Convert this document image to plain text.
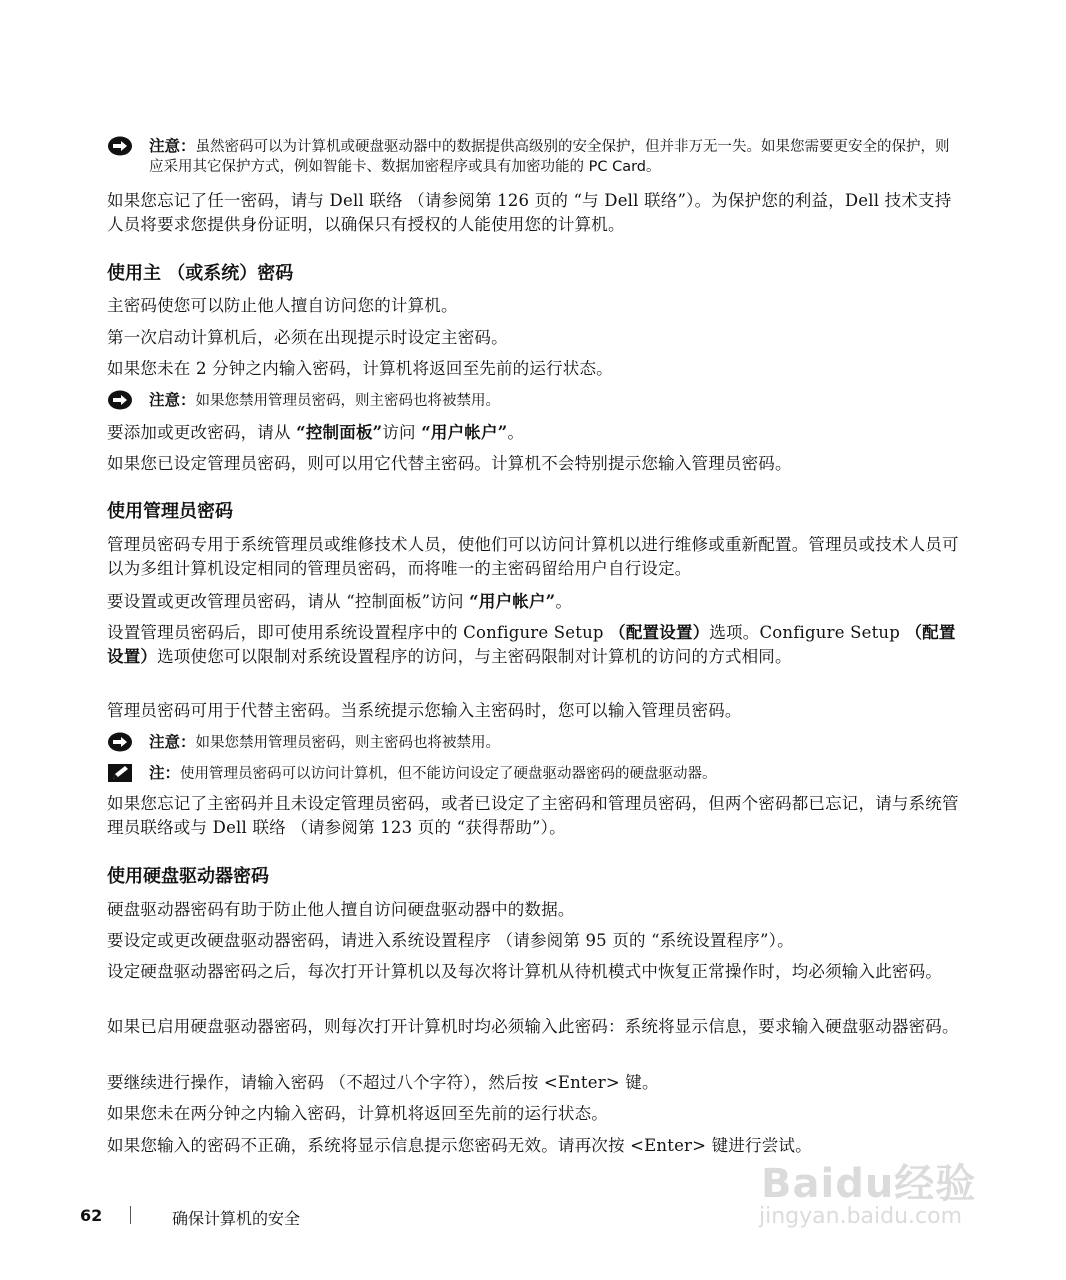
注意：虽然密码可以为计算机或硬盘驱动器中的数据提供高级别的安全保护，但并非万无一失。如果您需要更安全的保护，则应采用其它保护方式，例如智能卡、数据加密程序或具有加密功能的 PC Card。

如果您忘记了任一密码，请与 Dell 联络 （请参阅第 126 页的 “与 Dell 联络”）。为保护您的利益，Dell 技术支持人员将要求您提供身份证明，以确保只有授权的人能使用您的计算机。

使用主 （或系统）密码

主密码使您可以防止他人擅自访问您的计算机。

第一次启动计算机后，必须在出现提示时设定主密码。

如果您未在 2 分钟之内输入密码，计算机将返回至先前的运行状态。

注意：如果您禁用管理员密码，则主密码也将被禁用。

要添加或更改密码，请从 “控制面板”访问 “用户帐户”。

如果您已设定管理员密码，则可以用它代替主密码。计算机不会特别提示您输入管理员密码。

使用管理员密码

管理员密码专用于系统管理员或维修技术人员，使他们可以访问计算机以进行维修或重新配置。管理员或技术人员可以为多组计算机设定相同的管理员密码，而将唯一的主密码留给用户自行设定。

要设置或更改管理员密码，请从 “控制面板”访问 “用户帐户”。

设置管理员密码后，即可使用系统设置程序中的 Configure Setup （配置设置）选项。Configure Setup （配置设置）选项使您可以限制对系统设置程序的访问，与主密码限制对计算机的访问的方式相同。

管理员密码可用于代替主密码。当系统提示您输入主密码时，您可以输入管理员密码。

注意：如果您禁用管理员密码，则主密码也将被禁用。
注：使用管理员密码可以访问计算机，但不能访问设定了硬盘驱动器密码的硬盘驱动器。

如果您忘记了主密码并且未设定管理员密码，或者已设定了主密码和管理员密码，但两个密码都已忘记，请与系统管理员联络或与 Dell 联络 （请参阅第 123 页的 “获得帮助”）。

使用硬盘驱动器密码

硬盘驱动器密码有助于防止他人擅自访问硬盘驱动器中的数据。

要设定或更改硬盘驱动器密码，请进入系统设置程序 （请参阅第 95 页的 “系统设置程序”）。

设定硬盘驱动器密码之后，每次打开计算机以及每次将计算机从待机模式中恢复正常操作时，均必须输入此密码。

如果已启用硬盘驱动器密码，则每次打开计算机时均必须输入此密码：系统将显示信息，要求输入硬盘驱动器密码。

要继续进行操作，请输入密码 （不超过八个字符），然后按 <Enter> 键。

如果您未在两分钟之内输入密码，计算机将返回至先前的运行状态。

如果您输入的密码不正确，系统将显示信息提示您密码无效。请再次按 <Enter> 键进行尝试。

62	确保计算机的安全
Baidu经验
jingyan.baidu.com
